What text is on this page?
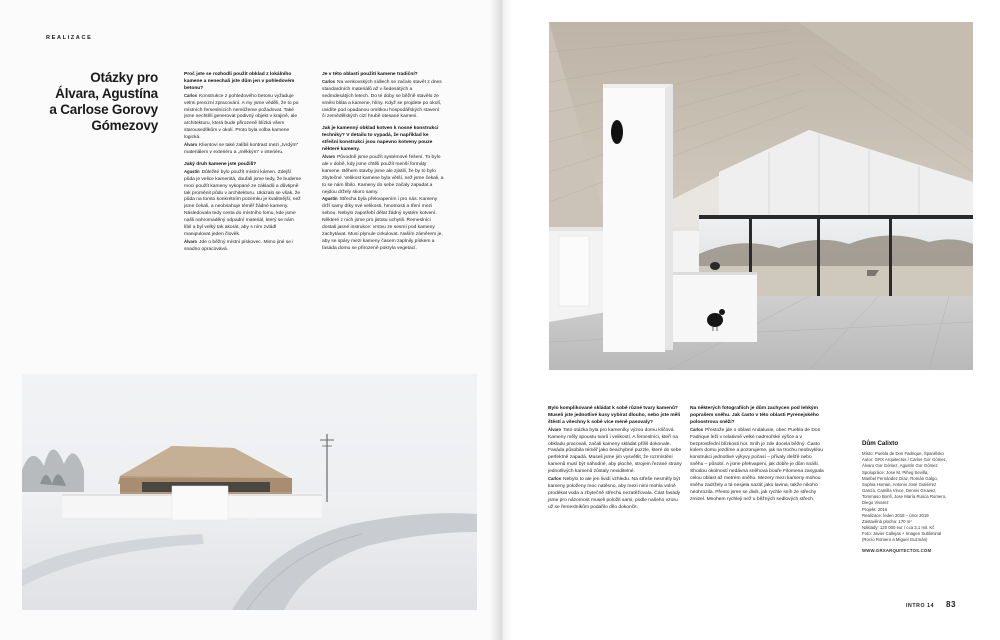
REALIZACE
Otázky pro Álvara, Agustína a Carlose Gorovy Gómezovy

Proč jste se rozhodli použít obklad z lokálního kamene a nenechali jste dům jen v pohledovém betonu?

Carlos Konstrukce z pohledového betonu vyžaduje velmi precizní zpracování. A my jsme věděli, že to po místních řemeslnících nemůžeme požadovat. Také jsme nechtěli generovat podivný objekt v krajině, ale architekturu, která bude přirozeně blízká všem starousedlíkům v okolí. Proto byla volba kamene logická.

Álvaro Klientovi se také zalíbil kontrast mezi „tvrdým“ materiálem v exteriéru a „měkkým“ v interiéru.

Jaký druh kamene jste použili?

Agustín Důležité bylo použít místní kámen. Zdejší půda je velice kamenitá, doufali jsme tedy, že budeme moci použít kameny vykopané ze základů a důvtipně tak proměnit půdu v architekturu. Ukázalo se však, že půda na tomto konkrétním pozemku je kvalitnější, než jsme čekali, a neobsahuje téměř žádné kameny. Následovala tedy cesta do místního lomu, kde jsme našli nahromaděný odpadní materiál, který se nám líbil a byl velký tak akorát, aby s ním zvládl manipulovat jeden člověk.

Álvaro Jde o běžný místní pískovec. Mimo jiné se i snadno opracovává.

Je v této oblasti použití kamene tradiční?

Carlos Na venkovských sídlech se začalo stavět z dnes standardních materiálů až v šedesátých a sedmdesátých letech. Do té doby se běžně stavělo ze směsi bláta a kamene, hlíny. Když se projdete po okolí, uvidíte pod opadanou omítkou hospodářských stavení či zemědělských cizí hrubě otesané kameni.

Jak je kamenný obklad kotven k nosné konstrukci techniky? V detailu to vypadá, že například ke střešní konstrukci jsou napevno kotveny pouze některé kameny.

Álvaro Původně jsme použít systémové řešení. To bylo ale v době, kdy jsme chtěli použít menší formáty kamene. Během stavby jsme ale zjistili, že by to bylo zbytečné. Velikost kamene byla větší, než jsme čekali, a to se nám líbilo. Kameny do sebe začaly zapadat a nejdou držely skoro samy.

Agustín Střecha byla překvapením i pro nás. Kameny drží samy díky své velikosti, hmotnosti a tření mezi sebou. Nebylo zapotřebí dělat žádný systém kotvení. Některé z nich jsme pro jistotu uchytili. Řemeslníci dostali jasné instrukce: vrstvu ze sesmí pod kameny zachytávat. Musí plynule cirkulovat. Naším záměrem je, aby se spáry mezi kameny časem zaplnily pískem a fasáda domu se přirozeně pokryla vegetací.

Bylo komplikované skládat k sobě různé tvary kamenů? Museli jste jednotlivé kusy vybírat dlouho, nebo jste měli štěstí a všechny k sobě více méně pasovaly?

Álvaro Tato otázka byla pro kameníky výzou domu klíčová. Kameny měly spoustu tvarů i velikostí. A řemeslníci, kteří na obkladu pracovali, začali kameny skládat příliš dokonale. Fasáda působila téměř jako beachybné puzzle, které do sebe perfektně zapadá. Museli jsme jim vysvětlit, že rozmístění kamenů musí být náhodné, aby ploché, strojem řezané strany jednotlivých kamenů zůstaly neviditelné.

Carlos Nebylo to ale jen lividí vzhledu. Na střeše nesměly být kameny položeny moc natěsno, aby mezi nimi mohla volně prodékat voda a zbytečně střechu nezatěžovala. Část fasády jsme pro názornost museli položit sami, podle našeho vzoru už se řemeslníkům podařilo dílo dokončit.

Na některých fotografiích je dům zachycen pod lehkým poprašem sněhu. Jak často v této oblasti Pyrenejského poloostrova sněží?

Carlos Přestože jde o oblast Andalusie, obec Puebla de Don Fadrique leží v relativně velké nadmořské výšce a v bezprostřední blízkosti hor. Sníh je zde docela běžný. Často kolem domu jezdíme a pozorujeme, jak na trochu neobvyklou konstrukci jednotlivé výkyvy počasí – přívaly dešťě nebo sněhu – působí. A jsme překvapeni, jak dobře je dům snáší. Shodou okolností nedávná sněhová bouře Filomena zasypala celou oblast až metrem sněhu. Mezery mezi kameny mohou sněhu zadržely a tá nesjela nazáť jako lavina, takže nikoho neohrozila. Přesto jsme se divili, jak rychle sníh ze střechy zmizel. Mnohem rychleji než u běžných sedlových střech.

Dům Calixto
Místo: Puebla de Don Fadrique, Španělsko
Autor: GRX Arquitectos / Carlos Gor Gómez,
Álvaro Gor Gómez, Agustín Gor Gómez
Spolupráce: Jose M. Piñeg Sevilla,
Maribel Fernández Díaz, Román Gálgo,
Sophia Homan, Antonio José Gutiérrez
García, Camilla Vince, Dennis Gruwez,
Tommaso Bonfi, Jose María Rusca Romero,
Diego Vivarez
Projekt: 2016
Realizace: leden 2018 – únor 2019
Zastavěná plocha: 170 m²
Náklady: 120 000 eur / cca 3,1 mil. Kč
Foto: Javier Callejas + Imagen Subliminal
(Rocío Romero a Miguel Guzmán)
WWW.GRXARQUITECTOS.COM
INTRO 14 83
